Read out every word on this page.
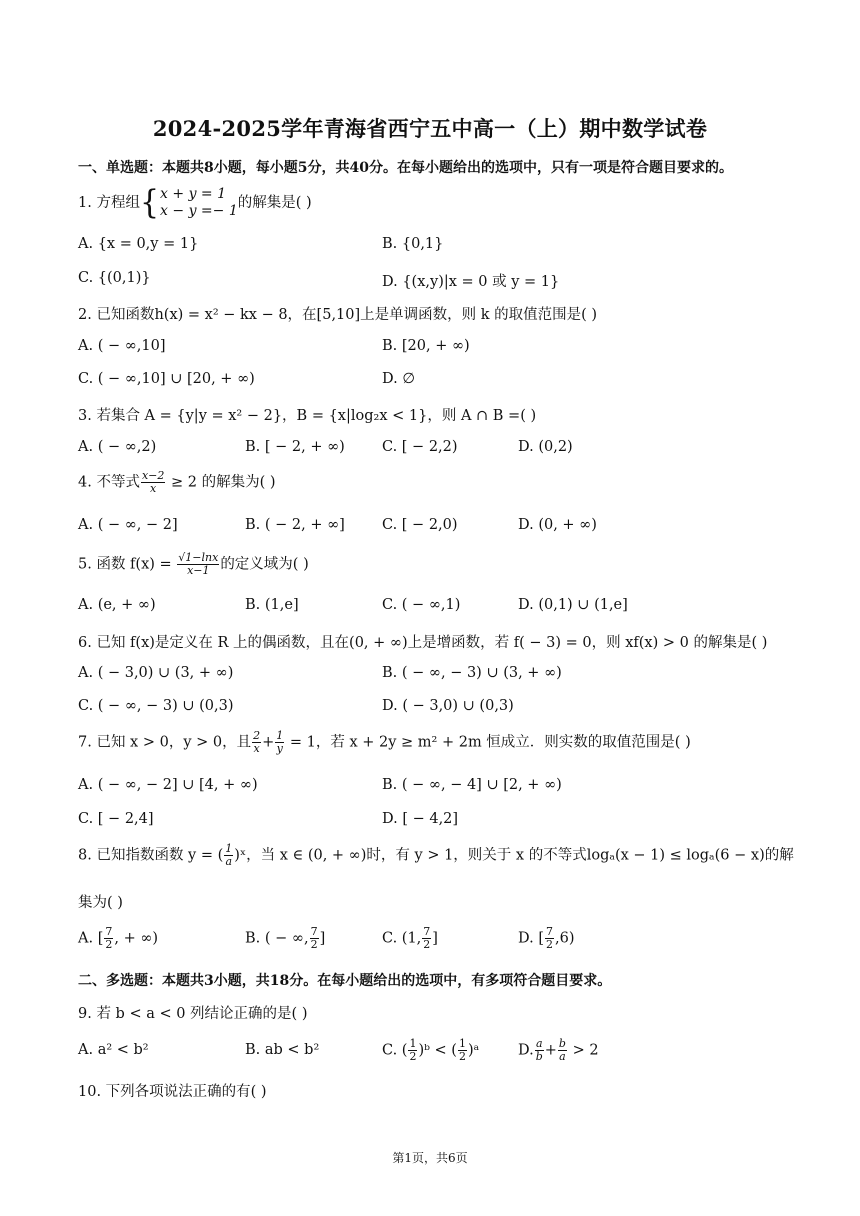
2024-2025学年青海省西宁五中高一（上）期中数学试卷
一、单选题：本题共8小题，每小题5分，共40分。在每小题给出的选项中，只有一项是符合题目要求的。
1. 方程组{ x + y = 1
x − y =− 1 的解集是( )
A. {x = 0,y = 1}	B. {0,1}
C. {(0,1)}	D. {(x,y)|x = 0 或 y = 1}
2. 已知函数h(x) = x² − kx − 8，在[5,10]上是单调函数，则 k 的取值范围是( )
A. ( − ∞,10]	B. [20, + ∞)
C. ( − ∞,10] ∪ [20, + ∞)	D. ∅
3. 若集合 A = {y|y = x² − 2}，B = {x|log₂x < 1}，则 A ∩ B =( )
A. ( − ∞,2)	B. [ − 2, + ∞)	C. [ − 2,2)	D. (0,2)
4. 不等式 $\frac{x-2}{x} \ge 2$ 的解集为( )
A. ( − ∞, − 2]	B. ( − 2, + ∞]	C. [ − 2,0)	D. (0, + ∞)
5. 函数 $f(x) = \frac{√1-\ln x}{x-1}$ 的定义域为( )
A. (e, + ∞)	B. (1,e]	C. ( − ∞,1)	D. (0,1) ∪ (1,e]
6. 已知 f(x)是定义在 R 上的偶函数，且在(0, + ∞)上是增函数，若 f( − 3) = 0，则 xf(x) > 0 的解集是( )
A. ( − 3,0) ∪ (3, + ∞)	B. ( − ∞, − 3) ∪ (3, + ∞)
C. ( − ∞, − 3) ∪ (0,3)	D. ( − 3,0) ∪ (0,3)
7. 已知 x > 0，y > 0，且 $\frac{2}{x} + \frac{1}{y} = 1$，若 x + 2y ≥ m² + 2m 恒成立．则实数的取值范围是( )
A. ( − ∞, − 2] ∪ [4, + ∞)	B. ( − ∞, − 4] ∪ [2, + ∞)
C. [ − 2,4]	D. [ − 4,2]
8. 已知指数函数 y = ( $\frac{1}{a}$ )ˣ，当 x ∈ (0, + ∞)时，有 y > 1，则关于 x 的不等式logₐ(x − 1) ≤ logₐ(6 − x)的解
集为( )
A. [ $\frac{7}{2}$ , + ∞)	B. ( − ∞, $\frac{7}{2}$ ]	C. (1, $\frac{7}{2}$ ]	D. [ $\frac{7}{2} ,6$)
二、多选题：本题共3小题，共18分。在每小题给出的选项中，有多项符合题目要求。
9. 若 b < a < 0 列结论正确的是( )
A. a² < b²	B. ab < b²	C. ( $\frac{1}{2}$ )ᵇ < ( $\frac{1}{2}$ )ᵃ	D. $\frac{a}{b} + \frac{b}{a} > 2$
10. 下列各项说法正确的有( )
第1页，共6页
